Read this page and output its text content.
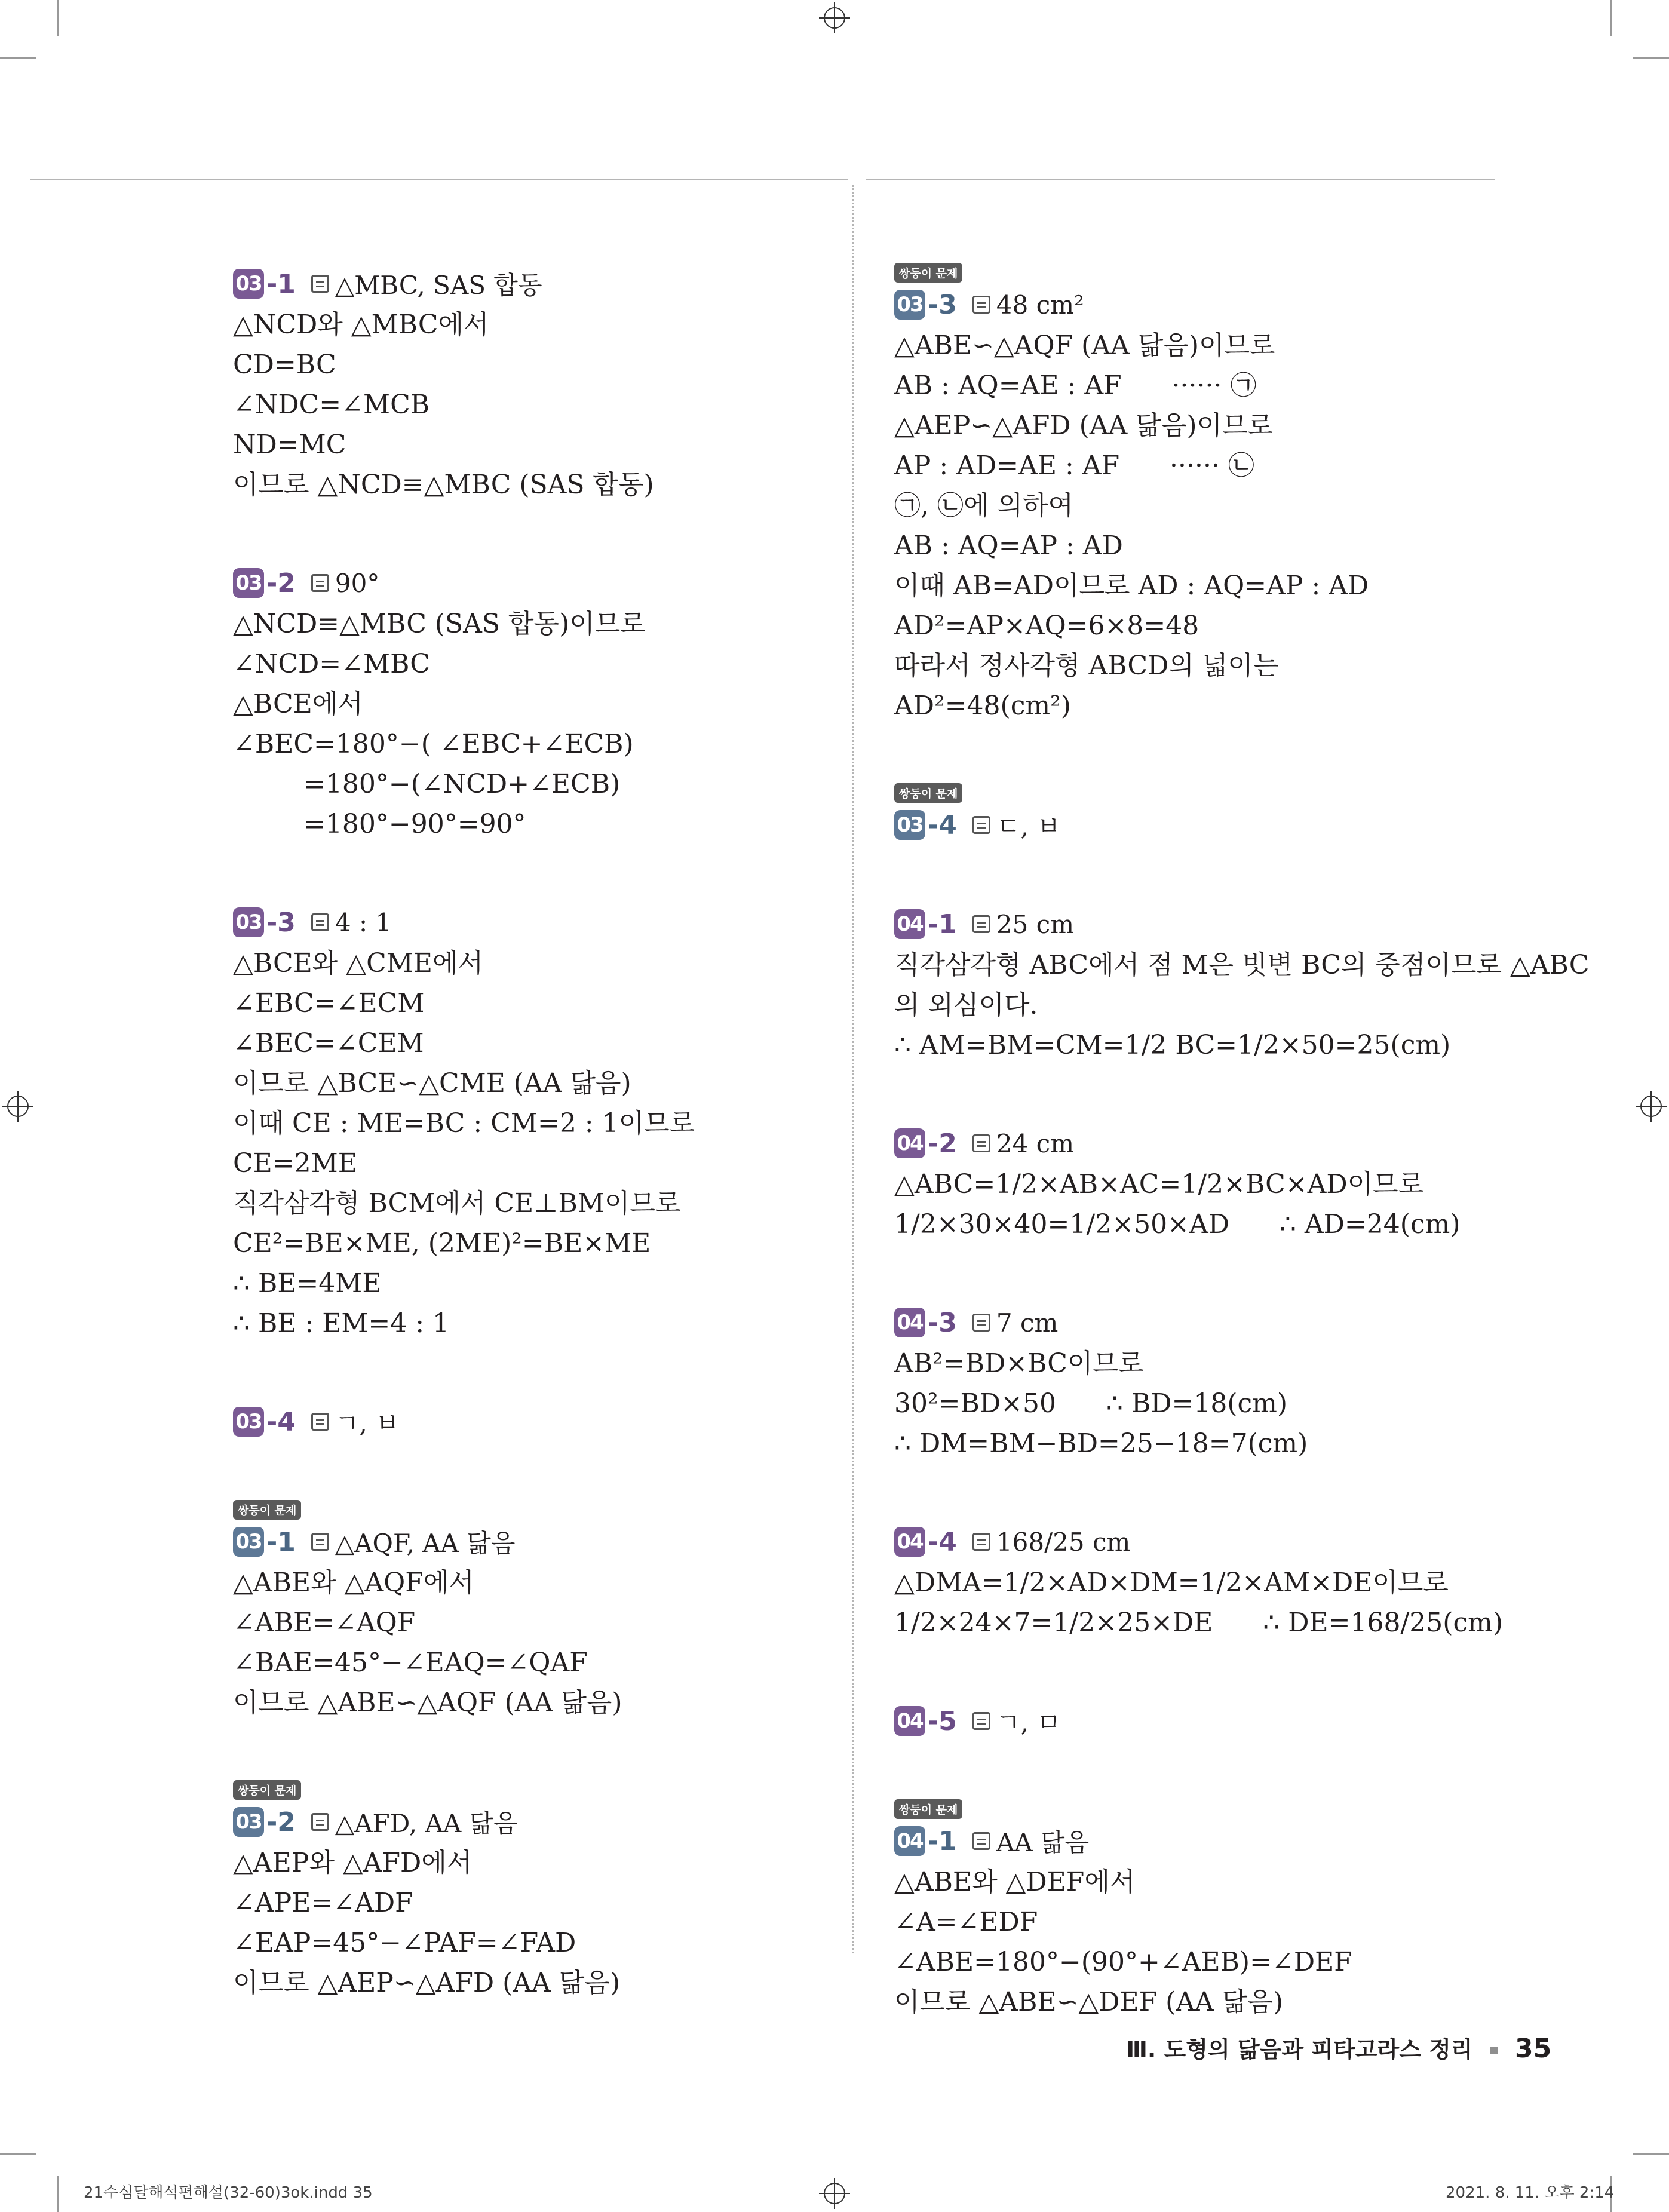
03 -1 △MBC, SAS 합동
△NCD와 △MBC에서
CD=BC
∠NDC=∠MCB
ND=MC
이므로 △NCD≡△MBC (SAS 합동)
03 -2 90°
△NCD≡△MBC (SAS 합동)이므로
∠NCD=∠MBC
△BCE에서
∠BEC=180°−( ∠EBC+∠ECB)
=180°−(∠NCD+∠ECB)
=180°−90°=90°
03 -3 4 : 1
△BCE와 △CME에서
∠EBC=∠ECM
∠BEC=∠CEM
이므로 △BCE∽△CME (AA 닮음)
이때 CE : ME=BC : CM=2 : 1이므로
CE=2ME
직각삼각형 BCM에서 CE⊥BM이므로
CE²=BE×ME, (2ME)²=BE×ME
∴ BE=4ME
∴ BE : EM=4 : 1
03 -4 ㄱ, ㅂ
쌍둥이 문제
03 -1 △AQF, AA 닮음
△ABE와 △AQF에서
∠ABE=∠AQF
∠BAE=45°−∠EAQ=∠QAF
이므로 △ABE∽△AQF (AA 닮음)
쌍둥이 문제
03 -2 △AFD, AA 닮음
△AEP와 △AFD에서
∠APE=∠ADF
∠EAP=45°−∠PAF=∠FAD
이므로 △AEP∽△AFD (AA 닮음)
쌍둥이 문제
03 -3 48 cm²
△ABE∽△AQF (AA 닮음)이므로
AB : AQ=AE : AF      ······ ㉠
△AEP∽△AFD (AA 닮음)이므로
AP : AD=AE : AF      ······ ㉡
㉠, ㉡에 의하여
AB : AQ=AP : AD
이때 AB=AD이므로 AD : AQ=AP : AD
AD²=AP×AQ=6×8=48
따라서 정사각형 ABCD의 넓이는
AD²=48(cm²)
쌍둥이 문제
03 -4 ㄷ, ㅂ
04 -1 25 cm
직각삼각형 ABC에서 점 M은 빗변 BC의 중점이므로 △ABC
의 외심이다.
∴ AM=BM=CM=1/2 BC=1/2×50=25(cm)
04 -2 24 cm
△ABC=1/2×AB×AC=1/2×BC×AD이므로
1/2×30×40=1/2×50×AD      ∴ AD=24(cm)
04 -3 7 cm
AB²=BD×BC이므로
30²=BD×50      ∴ BD=18(cm)
∴ DM=BM−BD=25−18=7(cm)
04 -4 168/25 cm
△DMA=1/2×AD×DM=1/2×AM×DE이므로
1/2×24×7=1/2×25×DE      ∴ DE=168/25(cm)
04 -5 ㄱ, ㅁ
쌍둥이 문제
04 -1 AA 닮음
△ABE와 △DEF에서
∠A=∠EDF
∠ABE=180°−(90°+∠AEB)=∠DEF
이므로 △ABE∽△DEF (AA 닮음)
Ⅲ. 도형의 닮음과 피타고라스 정리 35
21수심달해석편해설(32-60)3ok.indd 35	2021. 8. 11. 오후 2:14
